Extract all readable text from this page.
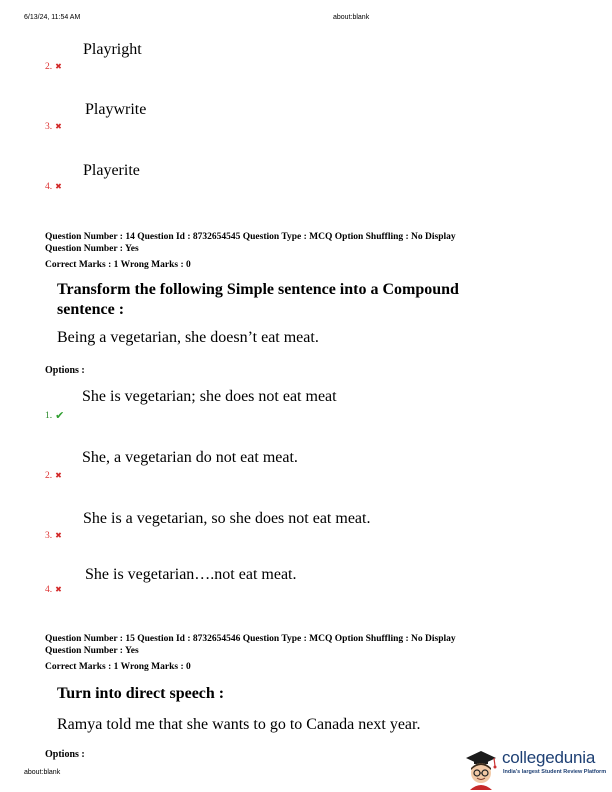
6/13/24, 11:54 AM	about:blank
Playright
2. ✖
Playwrite
3. ✖
Playerite
4. ✖
Question Number : 14 Question Id : 8732654545 Question Type : MCQ Option Shuffling : No Display
Question Number : Yes
Correct Marks : 1 Wrong Marks : 0
Transform the following Simple sentence into a Compound
sentence :
Being a vegetarian, she doesn’t eat meat.
Options :
She is vegetarian; she does not eat meat
1. ✔
She, a vegetarian do not eat meat.
2. ✖
She is a vegetarian, so she does not eat meat.
3. ✖
She is vegetarian….not eat meat.
4. ✖
Question Number : 15 Question Id : 8732654546 Question Type : MCQ Option Shuffling : No Display
Question Number : Yes
Correct Marks : 1 Wrong Marks : 0
Turn into direct speech :
Ramya told me that she wants to go to Canada next year.
Options :
about:blank
collegedunia
India's largest Student Review Platform
